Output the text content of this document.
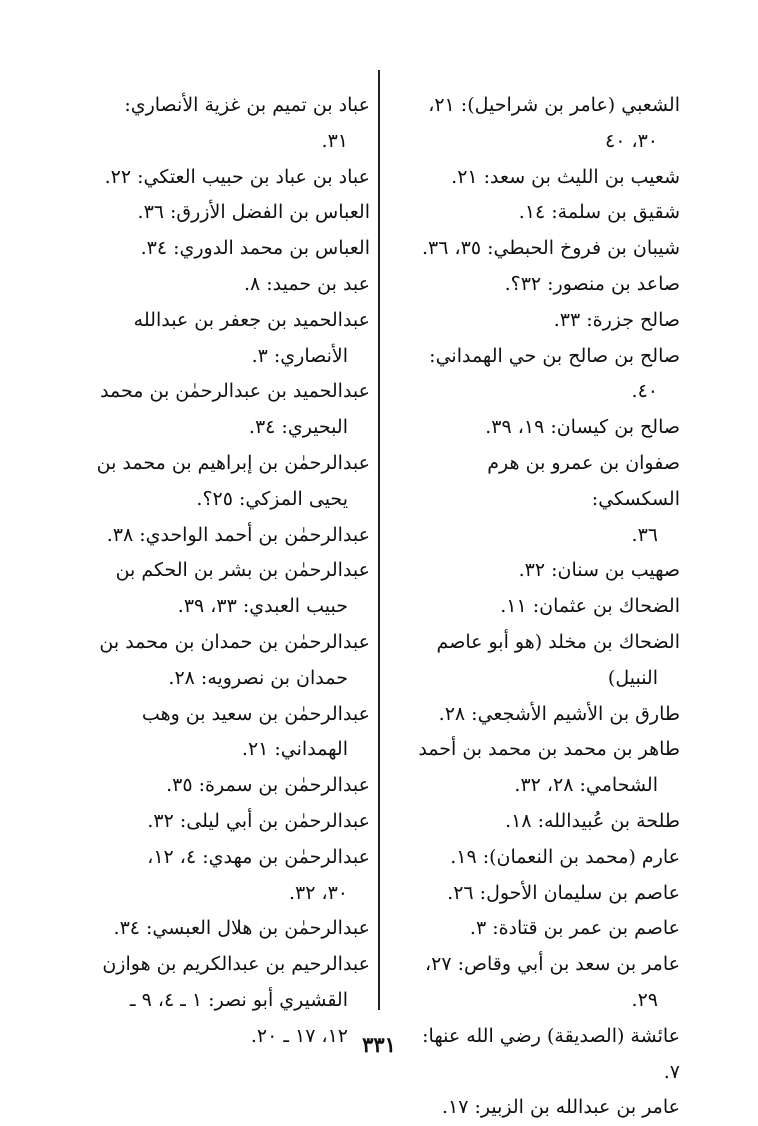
الشعبي (عامر بن شراحيل): ٢١،
٣٠، ٤٠
شعيب بن الليث بن سعد: ٢١.
شقيق بن سلمة: ١٤.
شيبان بن فروخ الحبطي: ٣٥، ٣٦.
صاعد بن منصور: ٣٢؟.
صالح جزرة: ٣٣.
صالح بن صالح بن حي الهمداني:
٤٠.
صالح بن كيسان: ١٩، ٣٩.
صفوان بن عمرو بن هرم السكسكي:
٣٦.
صهيب بن سنان: ٣٢.
الضحاك بن عثمان: ١١.
الضحاك بن مخلد (هو أبو عاصم
النبيل)
طارق بن الأشيم الأشجعي: ٢٨.
طاهر بن محمد بن محمد بن أحمد
الشحامي: ٢٨، ٣٢.
طلحة بن عُبيدالله: ١٨.
عارم (محمد بن النعمان): ١٩.
عاصم بن سليمان الأحول: ٢٦.
عاصم بن عمر بن قتادة: ٣.
عامر بن سعد بن أبي وقاص: ٢٧،
٢٩.
عائشة (الصديقة) رضي الله عنها: ٧.
عامر بن عبدالله بن الزبير: ١٧.
عباد بن تميم بن غزية الأنصاري:
٣١.
عباد بن عباد بن حبيب العتكي: ٢٢.
العباس بن الفضل الأزرق: ٣٦.
العباس بن محمد الدوري: ٣٤.
عبد بن حميد: ٨.
عبدالحميد بن جعفر بن عبدالله
الأنصاري: ٣.
عبدالحميد بن عبدالرحمٰن بن محمد
البحيري: ٣٤.
عبدالرحمٰن بن إبراهيم بن محمد بن
يحيى المزكي: ٢٥؟.
عبدالرحمٰن بن أحمد الواحدي: ٣٨.
عبدالرحمٰن بن بشر بن الحكم بن
حبيب العبدي: ٣٣، ٣٩.
عبدالرحمٰن بن حمدان بن محمد بن
حمدان بن نصرويه: ٢٨.
عبدالرحمٰن بن سعيد بن وهب
الهمداني: ٢١.
عبدالرحمٰن بن سمرة: ٣٥.
عبدالرحمٰن بن أبي ليلى: ٣٢.
عبدالرحمٰن بن مهدي: ٤، ١٢،
٣٠، ٣٢.
عبدالرحمٰن بن هلال العبسي: ٣٤.
عبدالرحيم بن عبدالكريم بن هوازن
القشيري أبو نصر: ١ ـ ٤، ٩ ـ
١٢، ١٧ ـ ٢٠. ٣٣١
